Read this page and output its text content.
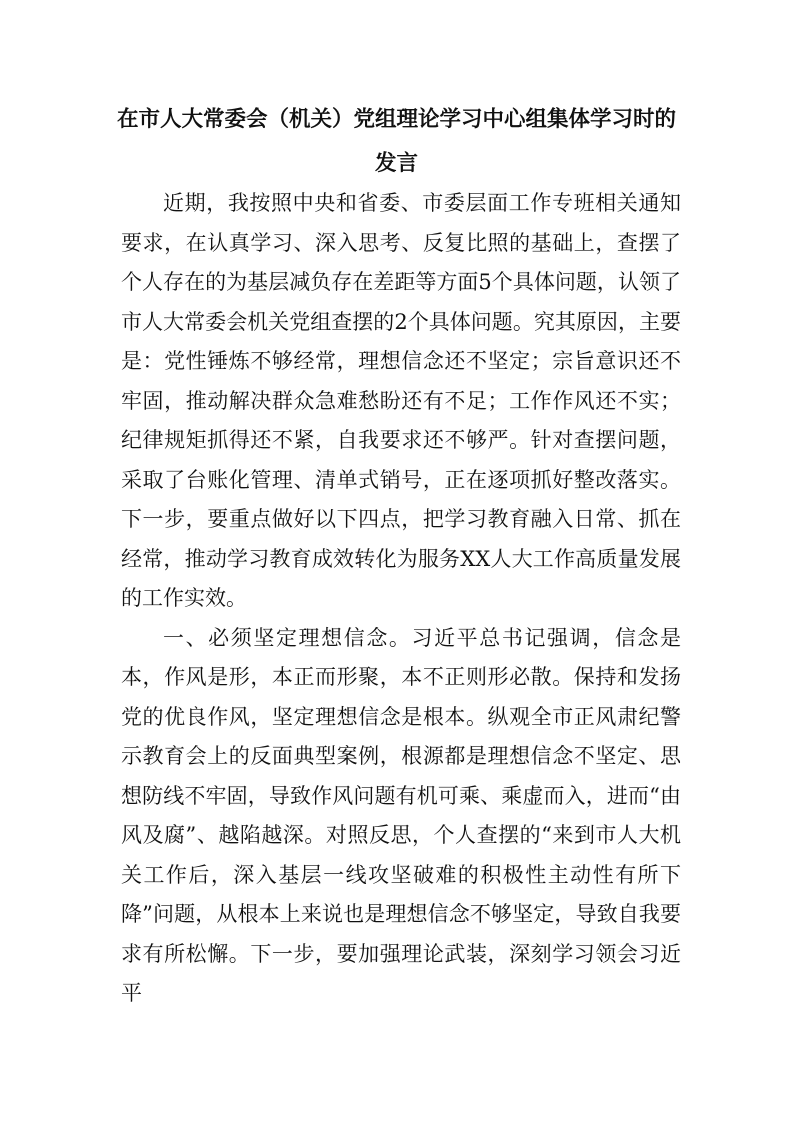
在市人大常委会（机关）党组理论学习中心组集体学习时的
发言

近期，我按照中央和省委、市委层面工作专班相关通知要求，在认真学习、深入思考、反复比照的基础上，查摆了个人存在的为基层减负存在差距等方面5个具体问题，认领了市人大常委会机关党组查摆的2个具体问题。究其原因，主要是：党性锤炼不够经常，理想信念还不坚定；宗旨意识还不牢固，推动解决群众急难愁盼还有不足；工作作风还不实；纪律规矩抓得还不紧，自我要求还不够严。针对查摆问题，采取了台账化管理、清单式销号，正在逐项抓好整改落实。下一步，要重点做好以下四点，把学习教育融入日常、抓在经常，推动学习教育成效转化为服务XX人大工作高质量发展的工作实效。

一、必须坚定理想信念。习近平总书记强调，信念是本，作风是形，本正而形聚，本不正则形必散。保持和发扬党的优良作风，坚定理想信念是根本。纵观全市正风肃纪警示教育会上的反面典型案例，根源都是理想信念不坚定、思想防线不牢固，导致作风问题有机可乘、乘虚而入，进而“由风及腐”、越陷越深。对照反思，个人查摆的“来到市人大机关工作后，深入基层一线攻坚破难的积极性主动性有所下降”问题，从根本上来说也是理想信念不够坚定，导致自我要求有所松懈。下一步，要加强理论武装，深刻学习领会习近平
